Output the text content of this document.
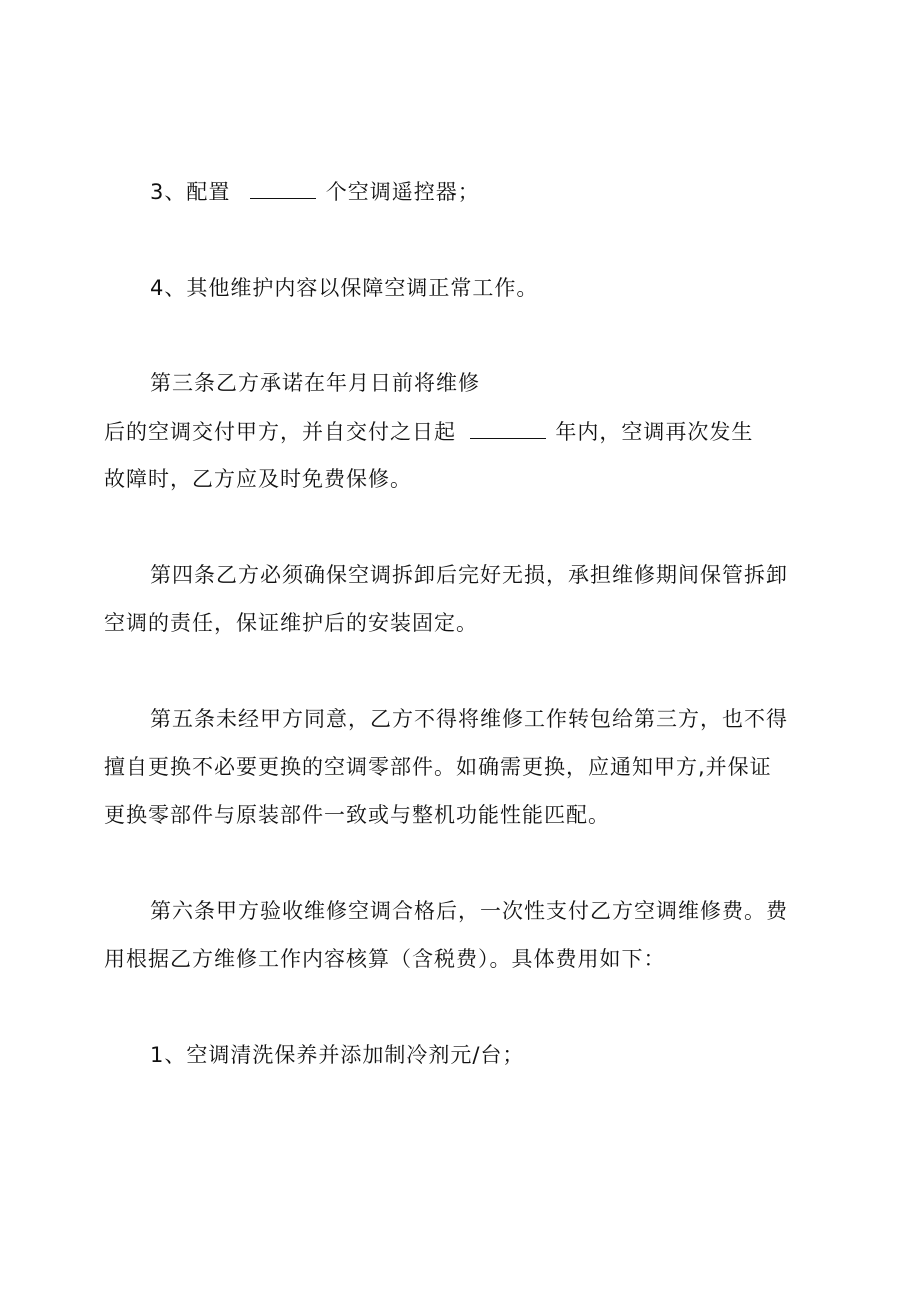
3、配置	个空调遥控器；
4、其他维护内容以保障空调正常工作。
第三条乙方承诺在年月日前将维修
后的空调交付甲方，并自交付之日起	年内，空调再次发生
故障时，乙方应及时免费保修。
第四条乙方必须确保空调拆卸后完好无损，承担维修期间保管拆卸
空调的责任，保证维护后的安装固定。
第五条未经甲方同意，乙方不得将维修工作转包给第三方，也不得
擅自更换不必要更换的空调零部件。如确需更换，应通知甲方,并保证
更换零部件与原装部件一致或与整机功能性能匹配。
第六条甲方验收维修空调合格后，一次性支付乙方空调维修费。费
用根据乙方维修工作内容核算（含税费）。具体费用如下：
1、空调清洗保养并添加制冷剂元/台；
